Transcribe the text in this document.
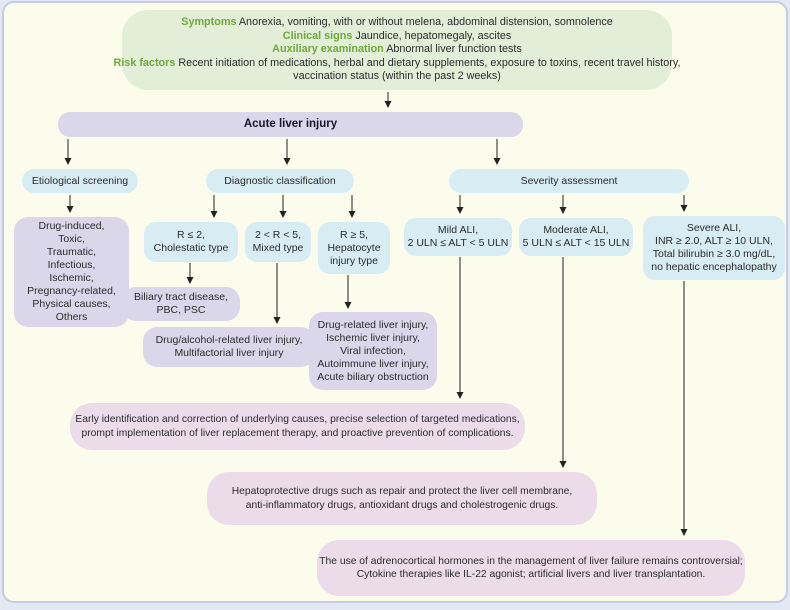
Symptoms Anorexia, vomiting, with or without melena, abdominal distension, somnolence
Clinical signs Jaundice, hepatomegaly, ascites
Auxiliary examination Abnormal liver function tests
Risk factors Recent initiation of medications, herbal and dietary supplements, exposure to toxins, recent travel history,
vaccination status (within the past 2 weeks)
Acute liver injury
Etiological screening	Diagnostic classification	Severity assessment
Drug-induced,
Toxic,
Traumatic,
Infectious,
Ischemic,
Pregnancy-related,
Physical causes,
Others
R ≤ 2,
Cholestatic type
2 < R < 5,
Mixed type
R ≥ 5,
Hepatocyte
injury type
Biliary tract disease,
PBC, PSC
Drug/alcohol-related liver injury,
Multifactorial liver injury
Drug-related liver injury,
Ischemic liver injury,
Viral infection,
Autoimmune liver injury,
Acute biliary obstruction
Mild ALI,
2 ULN ≤ ALT < 5 ULN
Moderate ALI,
5 ULN ≤ ALT < 15 ULN
Severe ALI,
INR ≥ 2.0, ALT ≥ 10 ULN,
Total bilirubin ≥ 3.0 mg/dL,
no hepatic encephalopathy
Early identification and correction of underlying causes, precise selection of targeted medications,
prompt implementation of liver replacement therapy, and proactive prevention of complications.
Hepatoprotective drugs such as repair and protect the liver cell membrane,
anti-inflammatory drugs, antioxidant drugs and cholestrogenic drugs.
The use of adrenocortical hormones in the management of liver failure remains controversial;
Cytokine therapies like IL-22 agonist; artificial livers and liver transplantation.
